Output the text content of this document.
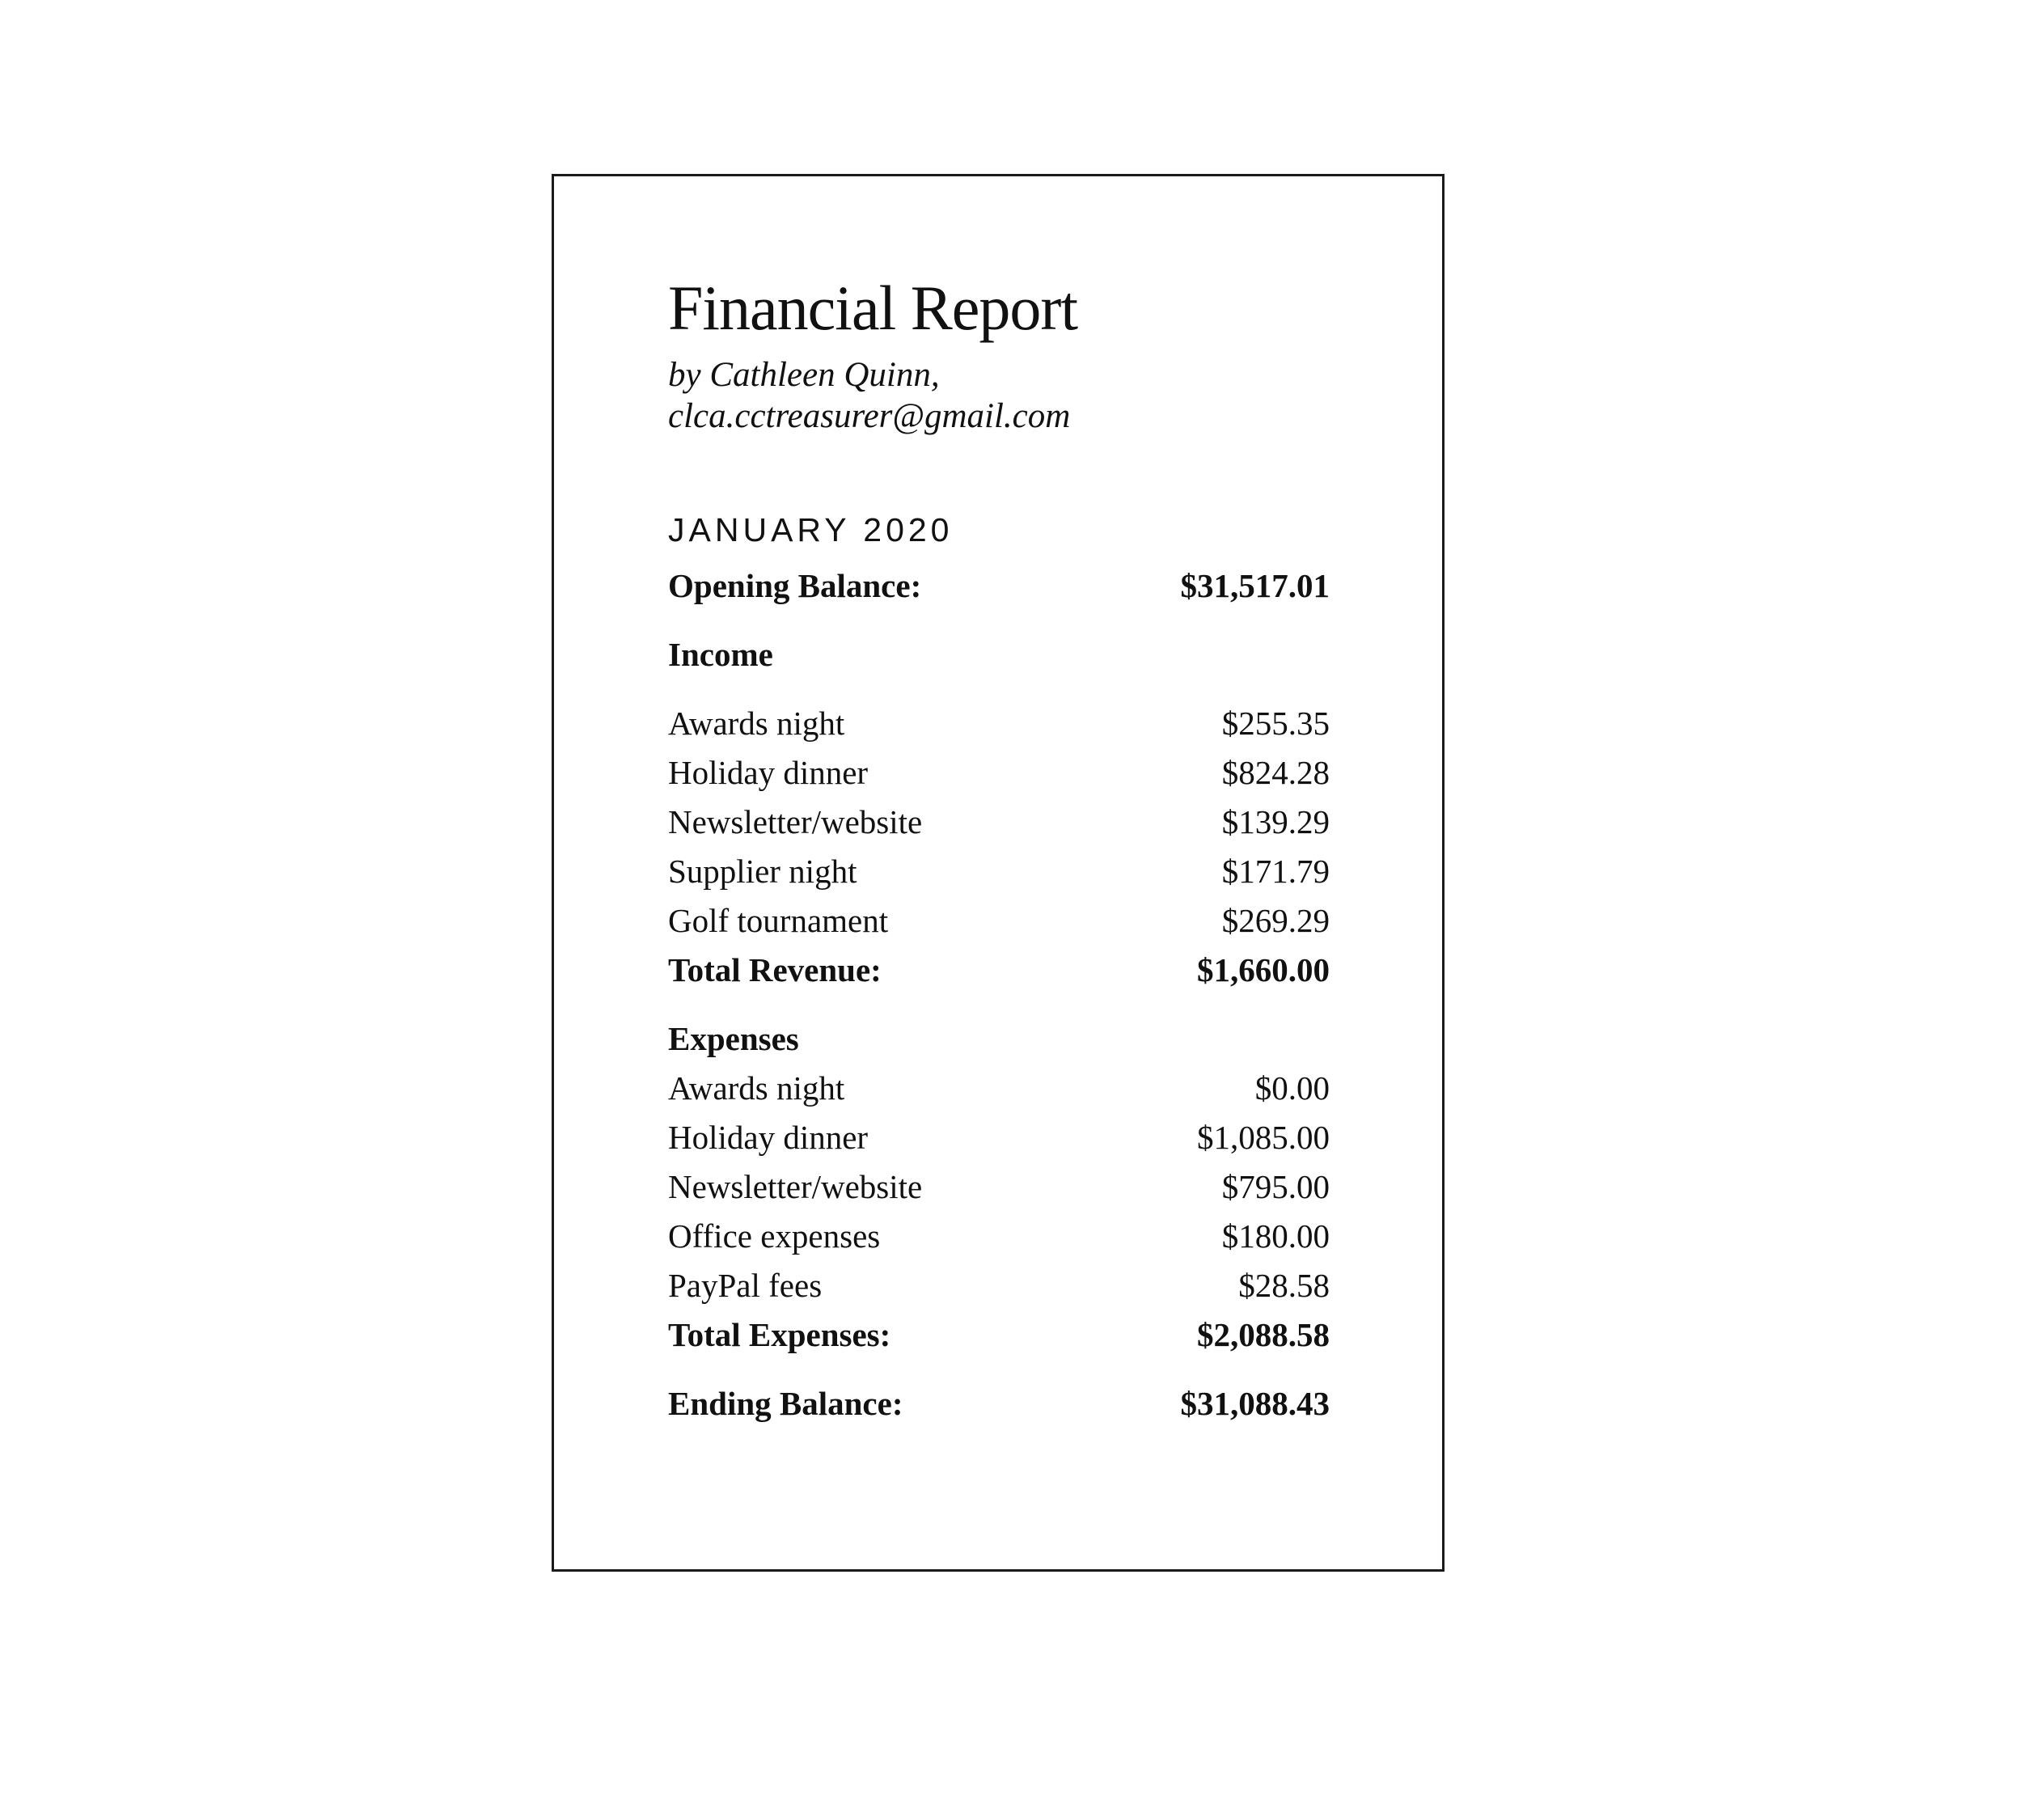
Financial Report
by Cathleen Quinn, clca.cctreasurer@gmail.com
JANUARY 2020
Opening Balance:	$31,517.01
Income
Awards night	$255.35
Holiday dinner	$824.28
Newsletter/website	$139.29
Supplier night	$171.79
Golf tournament	$269.29
Total Revenue:	$1,660.00
Expenses
Awards night	$0.00
Holiday dinner	$1,085.00
Newsletter/website	$795.00
Office expenses	$180.00
PayPal fees	$28.58
Total Expenses:	$2,088.58
Ending Balance:	$31,088.43
